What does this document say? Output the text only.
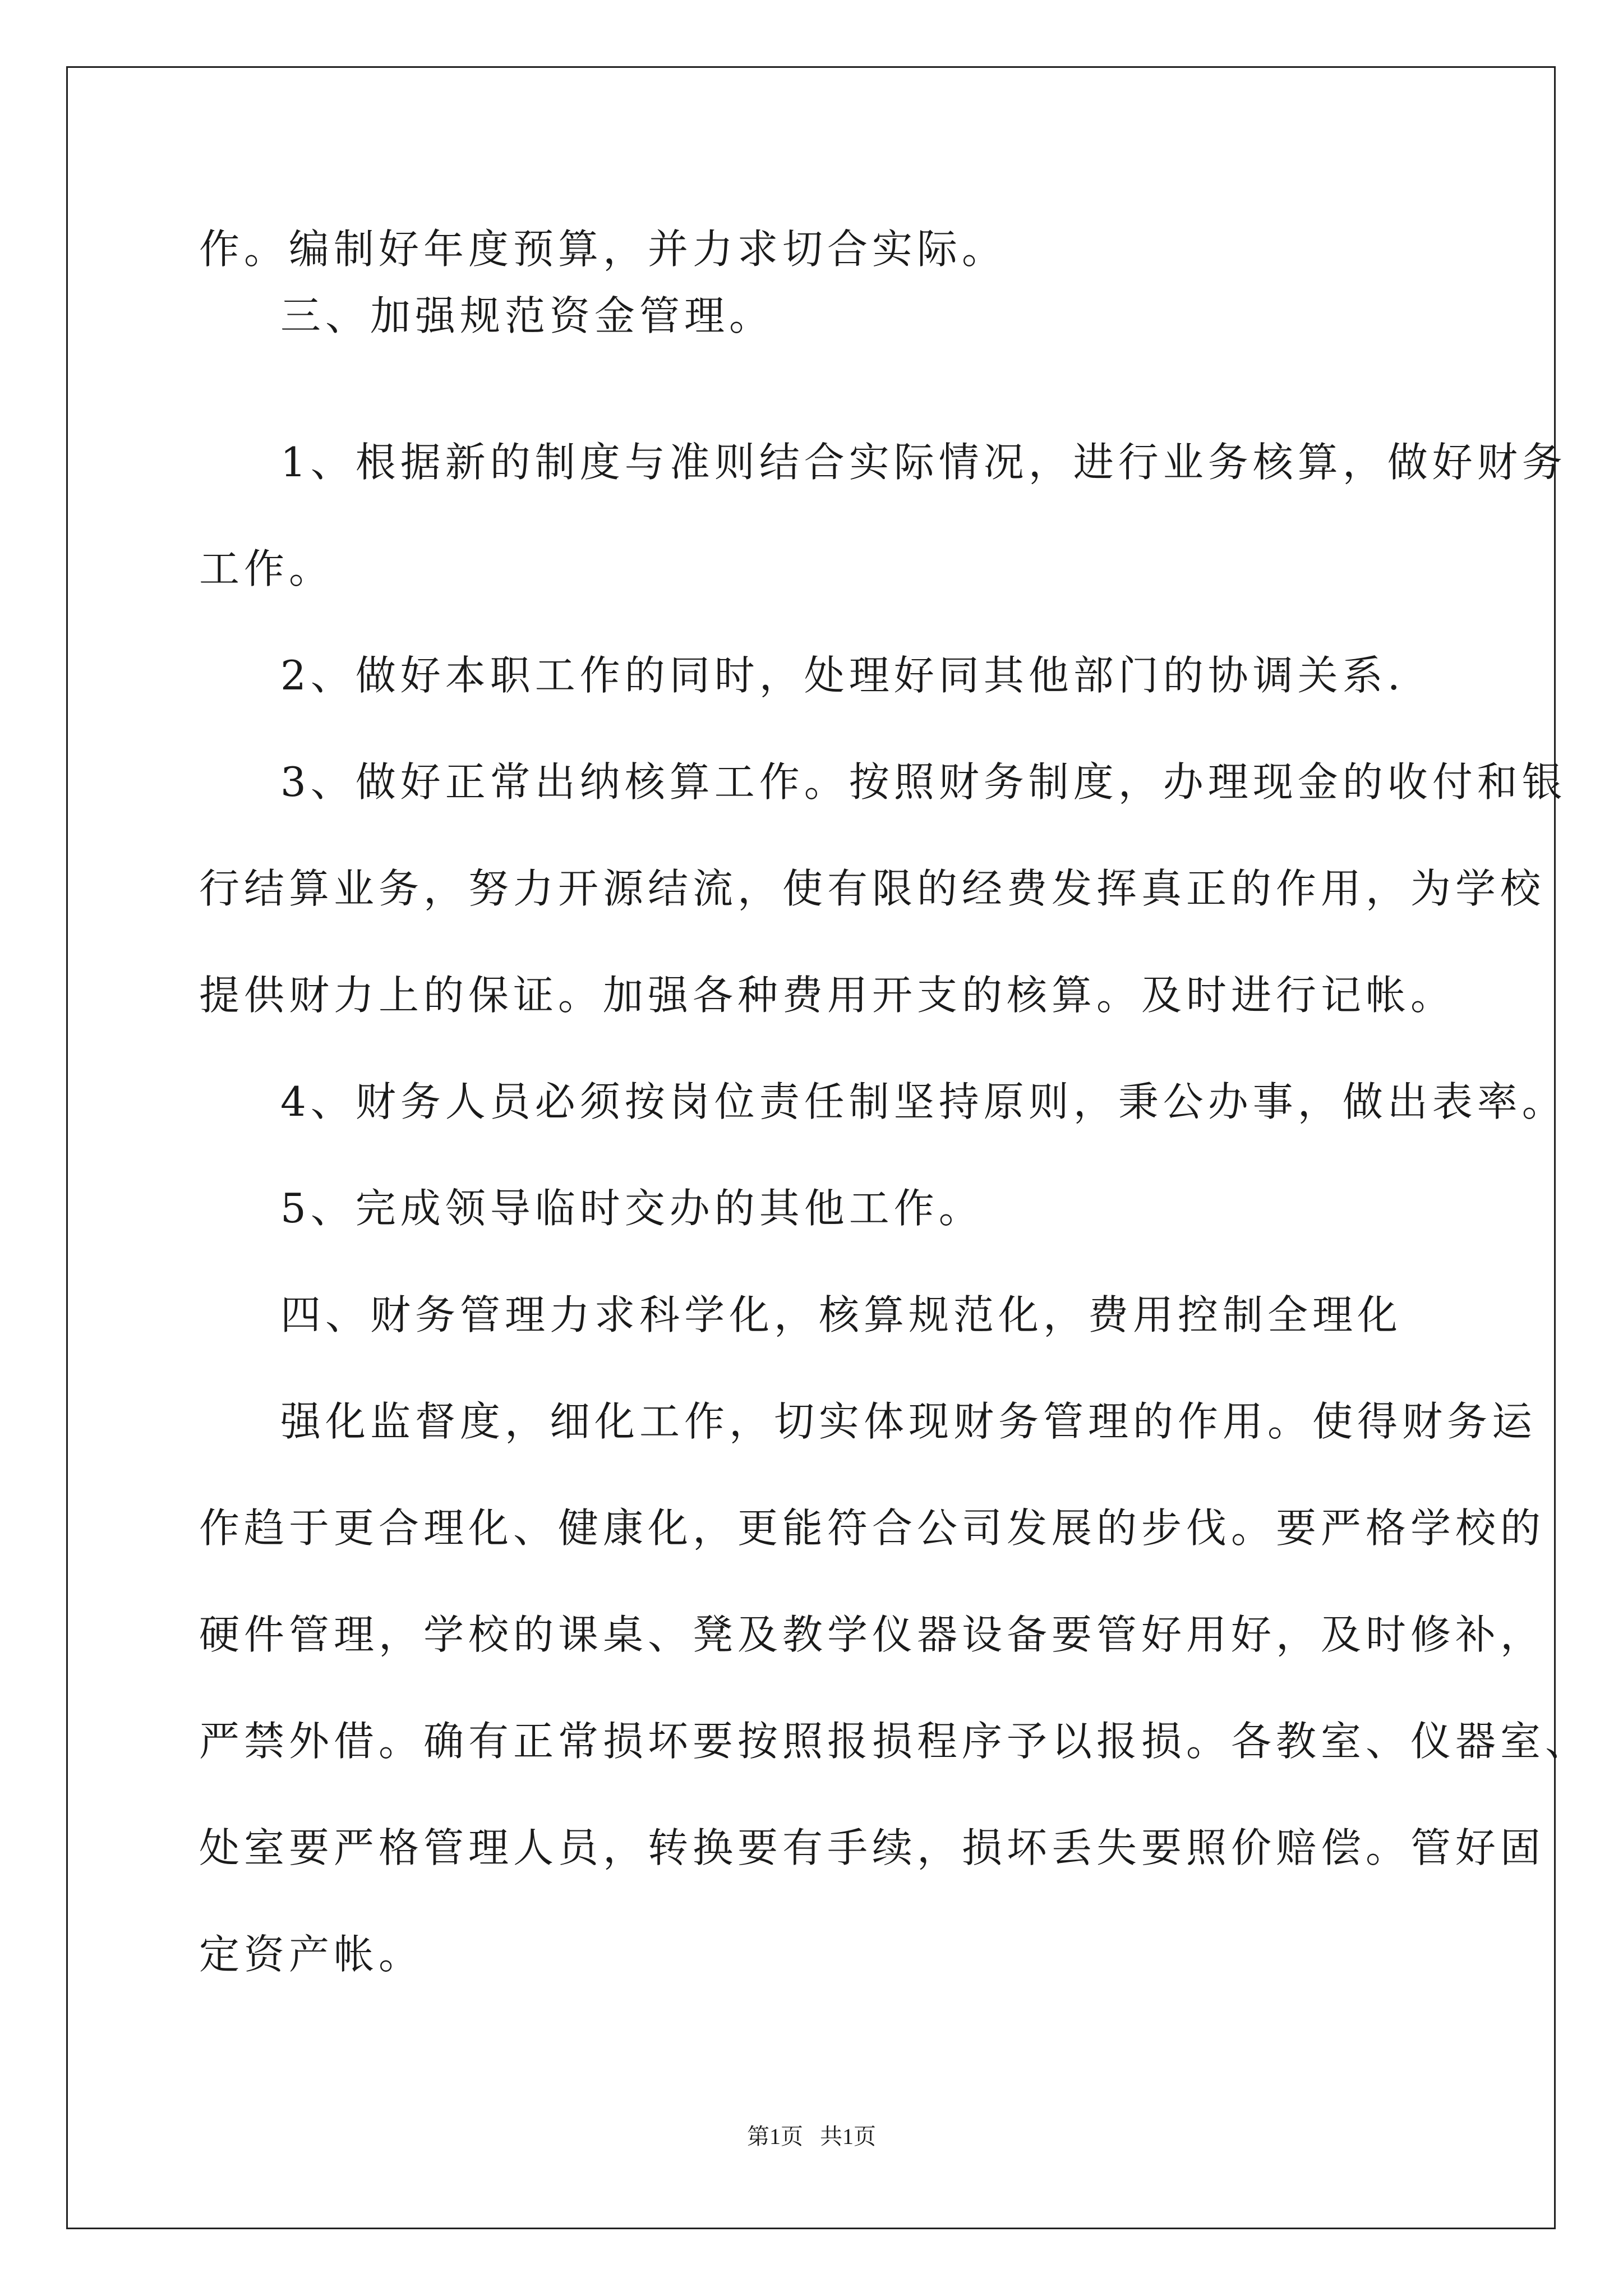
作。编制好年度预算，并力求切合实际。

三、加强规范资金管理。

1、根据新的制度与准则结合实际情况，进行业务核算，做好财务

工作。

2、做好本职工作的同时，处理好同其他部门的协调关系.

3、做好正常出纳核算工作。按照财务制度，办理现金的收付和银

行结算业务，努力开源结流，使有限的经费发挥真正的作用，为学校

提供财力上的保证。加强各种费用开支的核算。及时进行记帐。

4、财务人员必须按岗位责任制坚持原则，秉公办事，做出表率。

5、完成领导临时交办的其他工作。

四、财务管理力求科学化，核算规范化，费用控制全理化

强化监督度，细化工作，切实体现财务管理的作用。使得财务运

作趋于更合理化、健康化，更能符合公司发展的步伐。要严格学校的

硬件管理，学校的课桌、凳及教学仪器设备要管好用好，及时修补，

严禁外借。确有正常损坏要按照报损程序予以报损。各教室、仪器室、

处室要严格管理人员，转换要有手续，损坏丢失要照价赔偿。管好固

定资产帐。

第1页   共1页
